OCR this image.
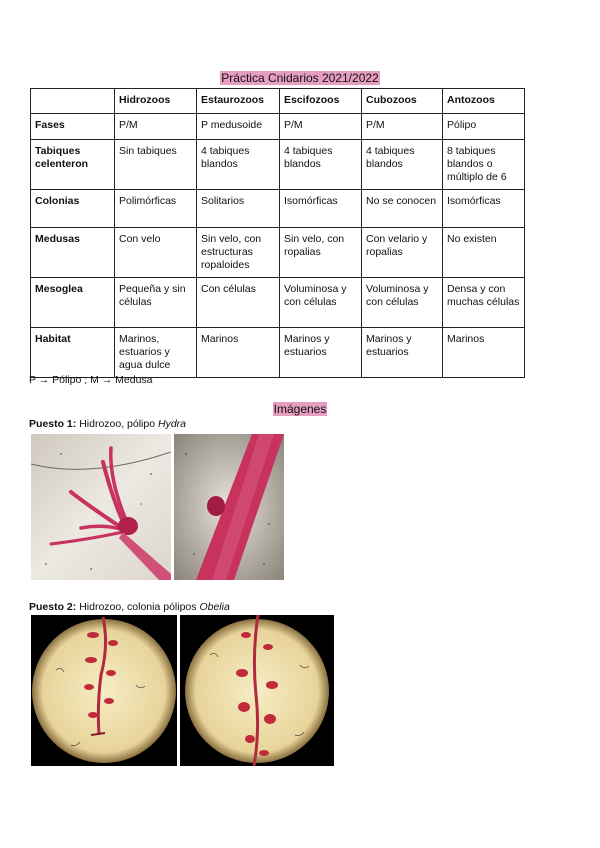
Práctica Cnidarios 2021/2022
	Hidrozoos	Estaurozoos	Escifozoos	Cubozoos	Antozoos
Fases	P/M	P medusoide	P/M	P/M	Pólipo
Tabiques celenteron	Sin tabiques	4 tabiques blandos	4 tabiques blandos	4 tabiques blandos	8 tabiques blandos o múltiplo de 6
Colonias	Polimórficas	Solitarios	Isomórficas	No se conocen	Isomórficas
Medusas	Con velo	Sin velo, con estructuras ropaloides	Sin velo, con ropalias	Con velario y ropalias	No existen
Mesoglea	Pequeña y sin células	Con células	Voluminosa y con células	Voluminosa y con células	Densa y con muchas células
Habitat	Marinos, estuarios y agua dulce	Marinos	Marinos y estuarios	Marinos y estuarios	Marinos
P → Pólipo ; M → Medusa
Imágenes
Puesto 1: Hidrozoo, pólipo Hydra
Puesto 2: Hidrozoo, colonia pólipos Obelia
